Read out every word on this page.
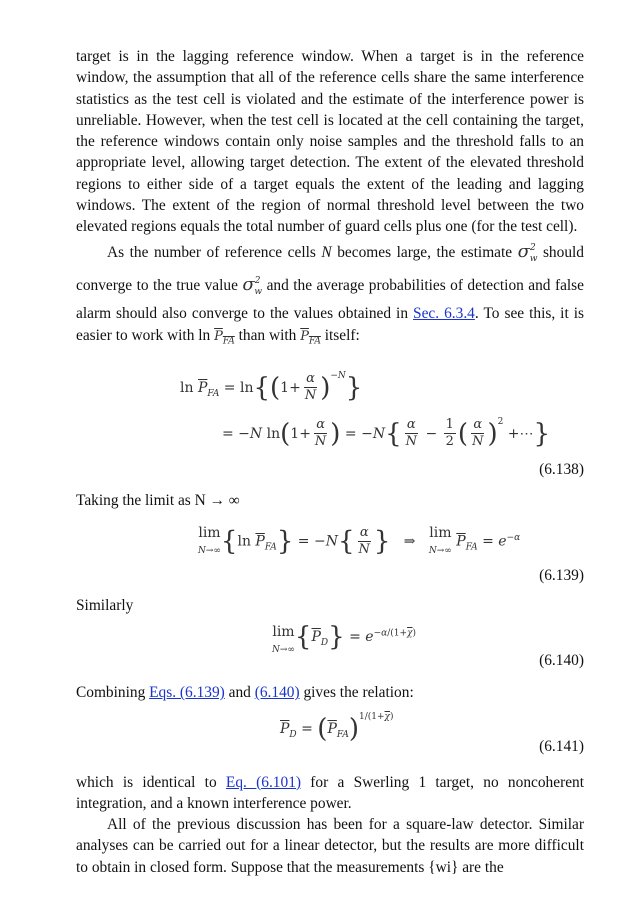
target is in the lagging reference window. When a target is in the reference window, the assumption that all of the reference cells share the same interference statistics as the test cell is violated and the estimate of the interference power is unreliable. However, when the test cell is located at the cell containing the target, the reference windows contain only noise samples and the threshold falls to an appropriate level, allowing target detection. The extent of the elevated threshold regions to either side of a target equals the extent of the leading and lagging windows. The extent of the region of normal threshold level between the two elevated regions equals the total number of guard cells plus one (for the test cell).

As the number of reference cells N becomes large, the estimate $\sigma^2_w$ should converge to the true value $\sigma^2_w$ and the average probabilities of detection and false alarm should also converge to the values obtained in Sec. 6.3.4. To see this, it is easier to work with $\ln P_{FA}$ than with $P_{FA}$ itself:

$\ln \overline{P}_{FA} = \ln\{(1+ \frac{\alpha}{N} )^{-N}\}$
= −N $\ln(1+ \frac{\alpha}{N}$ ) = $-N\{ \frac{\alpha}{N} - \frac{1}{2}$ ( $\frac{\alpha}{N} )^2$ +⋯}
(6.138)

Taking the limit as N → ∞

lim
N→∞{ln $\overline{P}_{FA}\} = -N\{ \frac{\alpha}{N}$ }   ⇒   lim
N→∞ $\overline{P}_{FA} = e^{-\alpha}$
(6.139)

Similarly

lim
$N\to\infty\{\overline{P}_D\} = e^{-\alpha/(1+\overline{\chi})}$
(6.140)

Combining Eqs. (6.139) and (6.140) gives the relation:

$\overline{P}_D = (\overline{P}_{FA})^{1/(1+\overline{\chi})}$
(6.141)

which is identical to Eq. (6.101) for a Swerling 1 target, no noncoherent integration, and a known interference power.

All of the previous discussion has been for a square-law detector. Similar analyses can be carried out for a linear detector, but the results are more difficult to obtain in closed form. Suppose that the measurements {wi} are the
